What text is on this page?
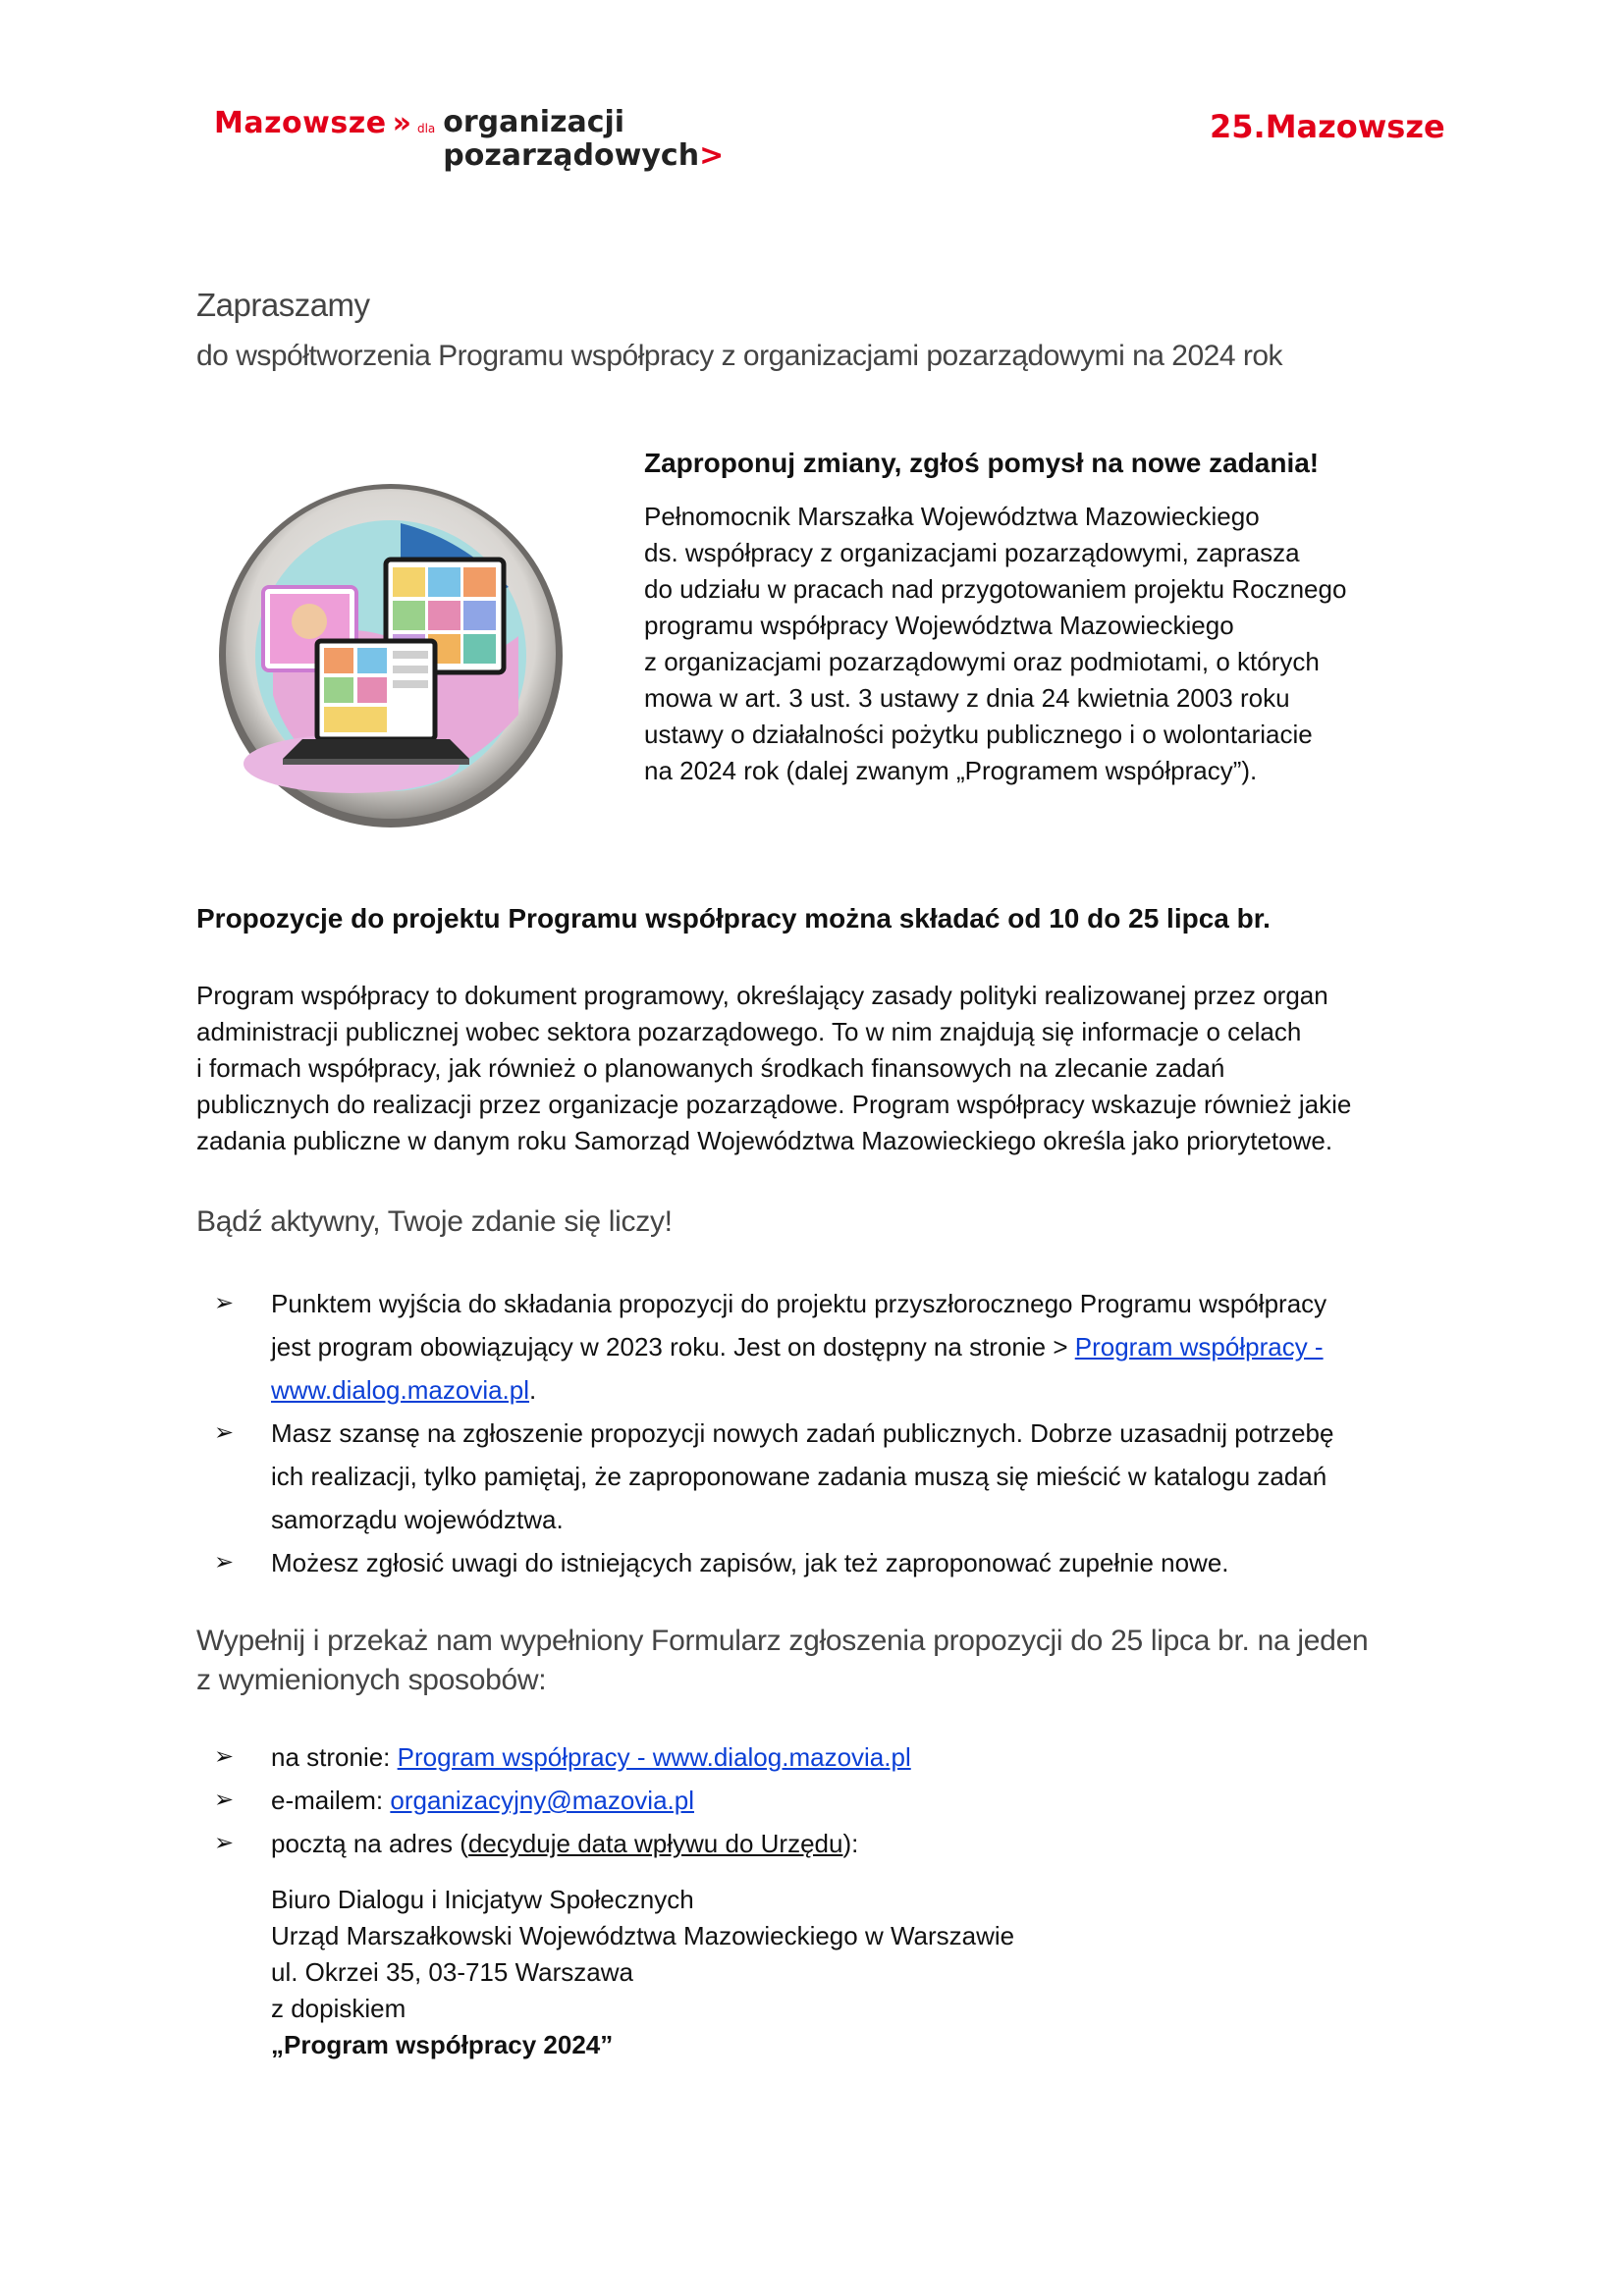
Mazowsze » dla organizacji
pozarządowych>
25.Mazowsze
Zapraszamy
do współtworzenia Programu współpracy z organizacjami pozarządowymi na 2024 rok

Zaproponuj zmiany, zgłoś pomysł na nowe zadania!

Pełnomocnik Marszałka Województwa Mazowieckiego
ds. współpracy z organizacjami pozarządowymi, zaprasza
do udziału w pracach nad przygotowaniem projektu Rocznego
programu współpracy Województwa Mazowieckiego
z organizacjami pozarządowymi oraz podmiotami, o których
mowa w art. 3 ust. 3 ustawy z dnia 24 kwietnia 2003 roku
ustawy o działalności pożytku publicznego i o wolontariacie
na 2024 rok (dalej zwanym „Programem współpracy”).

Propozycje do projektu Programu współpracy można składać od 10 do 25 lipca br.

Program współpracy to dokument programowy, określający zasady polityki realizowanej przez organ
administracji publicznej wobec sektora pozarządowego. To w nim znajdują się informacje o celach
i formach współpracy, jak również o planowanych środkach finansowych na zlecanie zadań
publicznych do realizacji przez organizacje pozarządowe. Program współpracy wskazuje również jakie
zadania publiczne w danym roku Samorząd Województwa Mazowieckiego określa jako priorytetowe.

Bądź aktywny, Twoje zdanie się liczy!
➢ Punktem wyjścia do składania propozycji do projektu przyszłorocznego Programu współpracy
jest program obowiązujący w 2023 roku. Jest on dostępny na stronie > Program współpracy -
www.dialog.mazovia.pl.
➢ Masz szansę na zgłoszenie propozycji nowych zadań publicznych. Dobrze uzasadnij potrzebę
ich realizacji, tylko pamiętaj, że zaproponowane zadania muszą się mieścić w katalogu zadań
samorządu województwa.
➢ Możesz zgłosić uwagi do istniejących zapisów, jak też zaproponować zupełnie nowe.
Wypełnij i przekaż nam wypełniony Formularz zgłoszenia propozycji do 25 lipca br. na jeden
z wymienionych sposobów:
➢ na stronie: Program współpracy - www.dialog.mazovia.pl
➢ e-mailem: organizacyjny@mazovia.pl
➢ pocztą na adres (decyduje data wpływu do Urzędu):
Biuro Dialogu i Inicjatyw Społecznych
Urząd Marszałkowski Województwa Mazowieckiego w Warszawie
ul. Okrzei 35, 03-715 Warszawa
z dopiskiem
„Program współpracy 2024”
